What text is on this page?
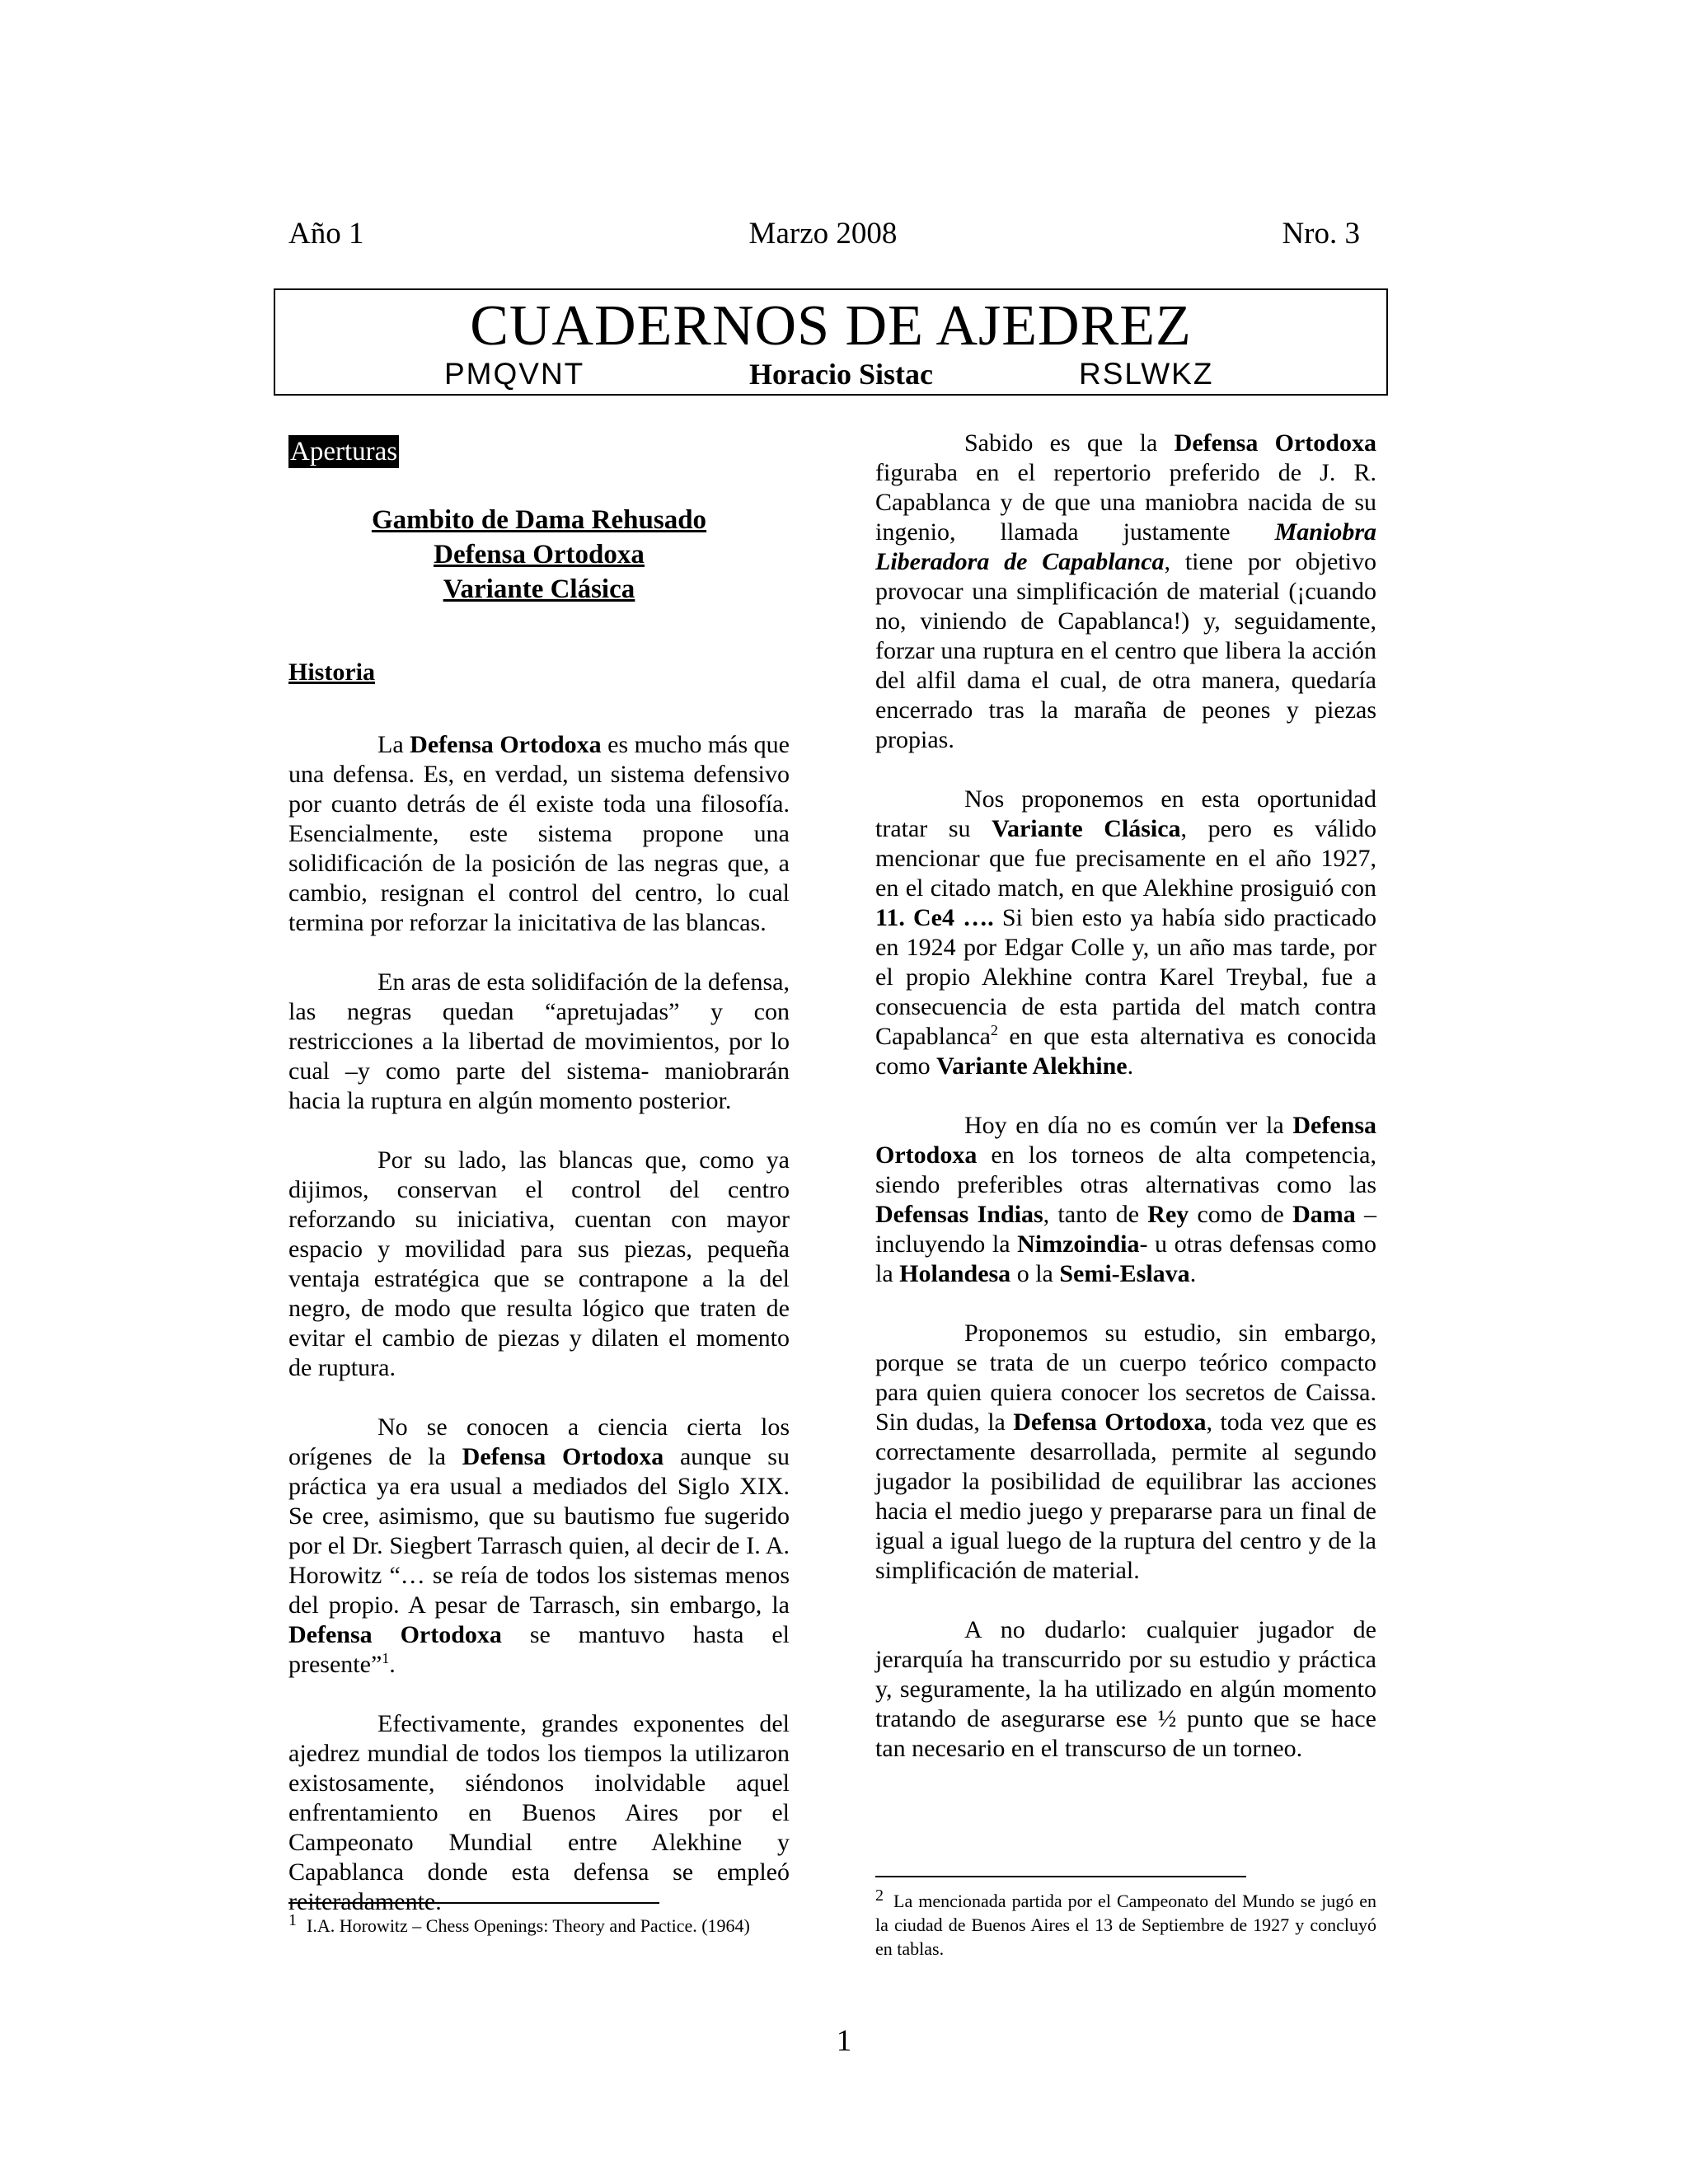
Año 1	Marzo 2008	Nro. 3
CUADERNOS DE AJEDREZ
PMQVNT	Horacio Sistac	RSLWKZ
Aperturas
Gambito de Dama Rehusado
Defensa Ortodoxa
Variante Clásica
Historia

La Defensa Ortodoxa es mucho más que una defensa. Es, en verdad, un sistema defensivo por cuanto detrás de él existe toda una filosofía. Esencialmente, este sistema propone una solidificación de la posición de las negras que, a cambio, resignan el control del centro, lo cual termina por reforzar la inicitativa de las blancas.

En aras de esta solidifación de la defensa, las negras quedan “apretujadas” y con restricciones a la libertad de movimientos, por lo cual –y como parte del sistema- maniobrarán hacia la ruptura en algún momento posterior.

Por su lado, las blancas que, como ya dijimos, conservan el control del centro reforzando su iniciativa, cuentan con mayor espacio y movilidad para sus piezas, pequeña ventaja estratégica que se contrapone a la del negro, de modo que resulta lógico que traten de evitar el cambio de piezas y dilaten el momento de ruptura.

No se conocen a ciencia cierta los orígenes de la Defensa Ortodoxa aunque su práctica ya era usual a mediados del Siglo XIX. Se cree, asimismo, que su bautismo fue sugerido por el Dr. Siegbert Tarrasch quien, al decir de I. A. Horowitz “… se reía de todos los sistemas menos del propio. A pesar de Tarrasch, sin embargo, la Defensa Ortodoxa se mantuvo hasta el presente”$^1$.

Efectivamente, grandes exponentes del ajedrez mundial de todos los tiempos la utilizaron existosamente, siéndonos inolvidable aquel enfrentamiento en Buenos Aires por el Campeonato Mundial entre Alekhine y Capablanca donde esta defensa se empleó reiteradamente.

Sabido es que la Defensa Ortodoxa figuraba en el repertorio preferido de J. R. Capablanca y de que una maniobra nacida de su ingenio, llamada justamente Maniobra Liberadora de Capablanca, tiene por objetivo provocar una simplificación de material (¡cuando no, viniendo de Capablanca!) y, seguidamente, forzar una ruptura en el centro que libera la acción del alfil dama el cual, de otra manera, quedaría encerrado tras la maraña de peones y piezas propias.

Nos proponemos en esta oportunidad tratar su Variante Clásica, pero es válido mencionar que fue precisamente en el año 1927, en el citado match, en que Alekhine prosiguió con 11. Ce4 …. Si bien esto ya había sido practicado en 1924 por Edgar Colle y, un año mas tarde, por el propio Alekhine contra Karel Treybal, fue a consecuencia de esta partida del match contra Capablanca$^2$ en que esta alternativa es conocida como Variante Alekhine.

Hoy en día no es común ver la Defensa Ortodoxa en los torneos de alta competencia, siendo preferibles otras alternativas como las Defensas Indias, tanto de Rey como de Dama –incluyendo la Nimzoindia- u otras defensas como la Holandesa o la Semi-Eslava.

Proponemos su estudio, sin embargo, porque se trata de un cuerpo teórico compacto para quien quiera conocer los secretos de Caissa. Sin dudas, la Defensa Ortodoxa, toda vez que es correctamente desarrollada, permite al segundo jugador la posibilidad de equilibrar las acciones hacia el medio juego y prepararse para un final de igual a igual luego de la ruptura del centro y de la simplificación de material.

A no dudarlo: cualquier jugador de jerarquía ha transcurrido por su estudio y práctica y, seguramente, la ha utilizado en algún momento tratando de asegurarse ese ½ punto que se hace tan necesario en el transcurso de un torneo.

1 I.A. Horowitz – Chess Openings: Theory and Pactice. (1964)
2 La mencionada partida por el Campeonato del Mundo se jugó en la ciudad de Buenos Aires el 13 de Septiembre de 1927 y concluyó en tablas.
1
